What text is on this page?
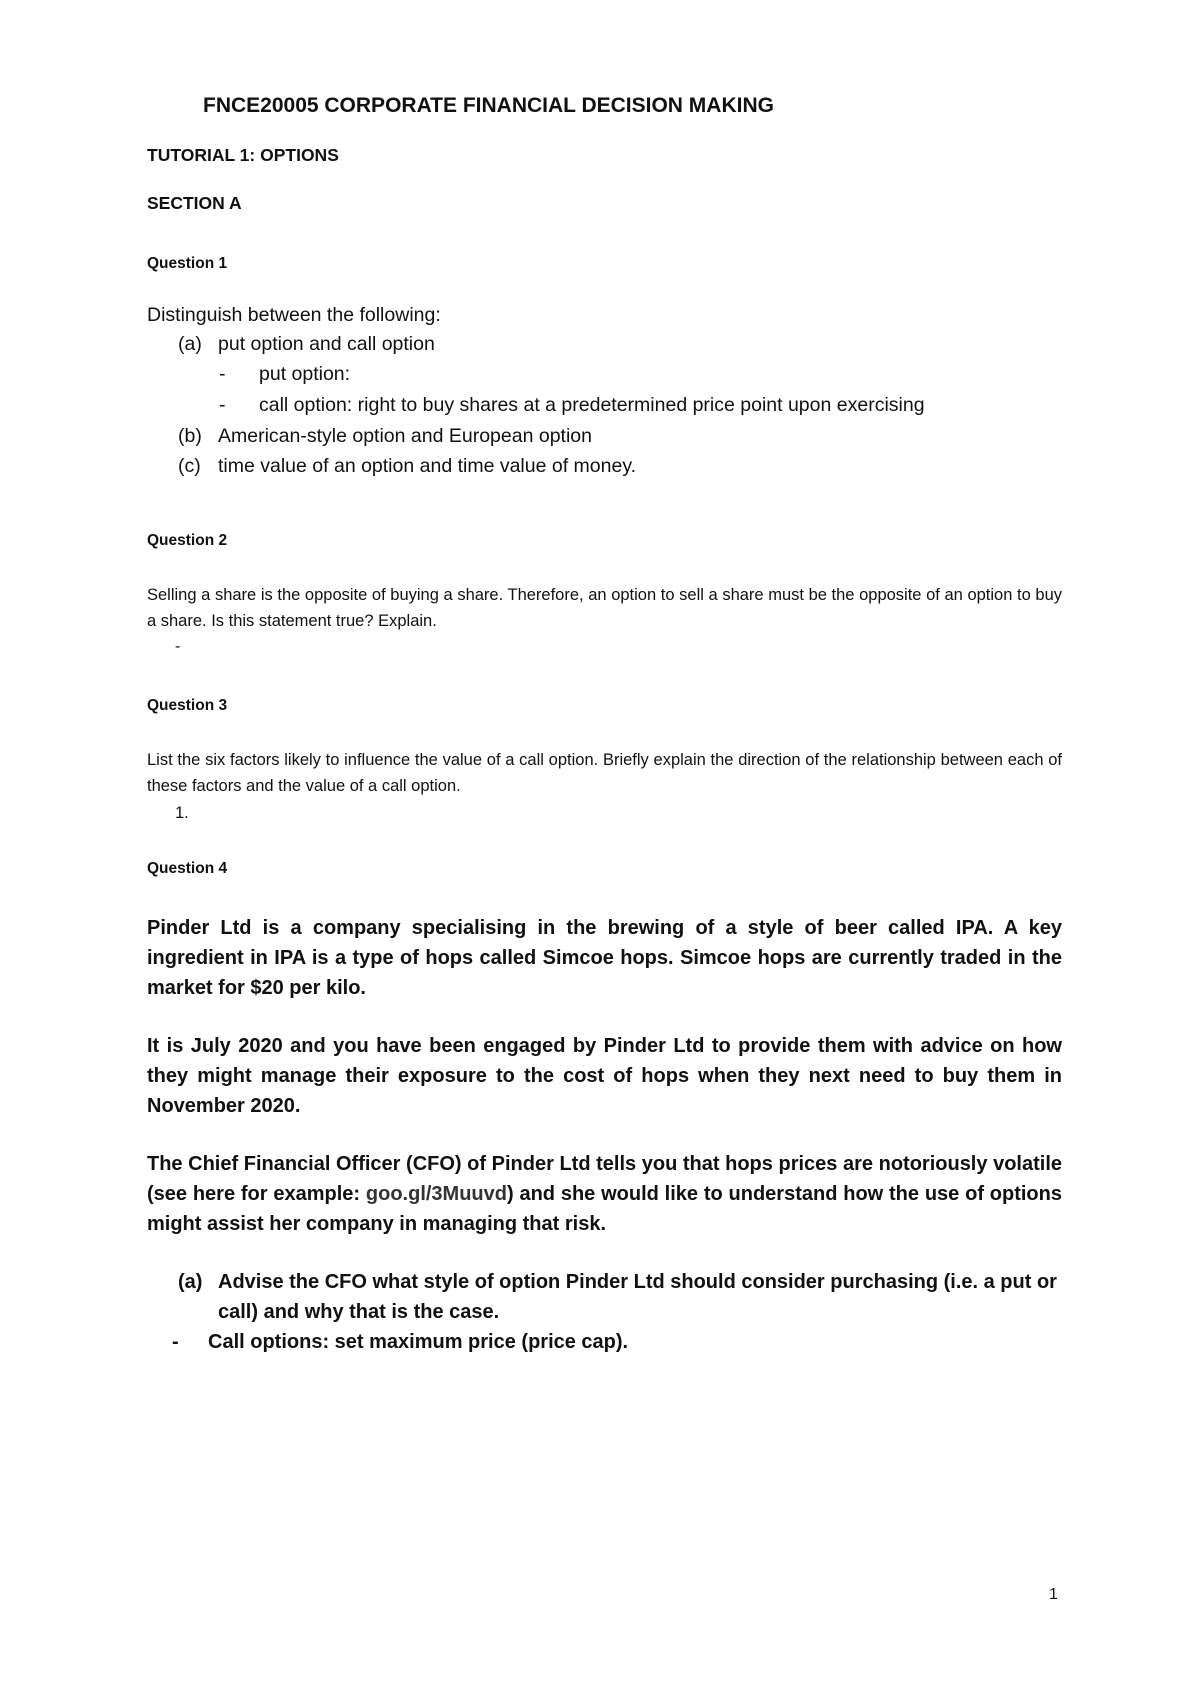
FNCE20005 CORPORATE FINANCIAL DECISION MAKING
TUTORIAL 1: OPTIONS
SECTION A
Question 1
Distinguish between the following:
(a) put option and call option
- put option:
- call option: right to buy shares at a predetermined price point upon exercising
(b) American-style option and European option
(c) time value of an option and time value of money.
Question 2
Selling a share is the opposite of buying a share. Therefore, an option to sell a share must be the opposite of an option to buy a share. Is this statement true? Explain.
-
Question 3
List the six factors likely to influence the value of a call option. Briefly explain the direction of the relationship between each of these factors and the value of a call option.
1.
Question 4
Pinder Ltd is a company specialising in the brewing of a style of beer called IPA. A key ingredient in IPA is a type of hops called Simcoe hops. Simcoe hops are currently traded in the market for $20 per kilo.
It is July 2020 and you have been engaged by Pinder Ltd to provide them with advice on how they might manage their exposure to the cost of hops when they next need to buy them in November 2020.
The Chief Financial Officer (CFO) of Pinder Ltd tells you that hops prices are notoriously volatile (see here for example: goo.gl/3Muuvd) and she would like to understand how the use of options might assist her company in managing that risk.
(a) Advise the CFO what style of option Pinder Ltd should consider purchasing (i.e. a put or call) and why that is the case.
- Call options: set maximum price (price cap).
1
